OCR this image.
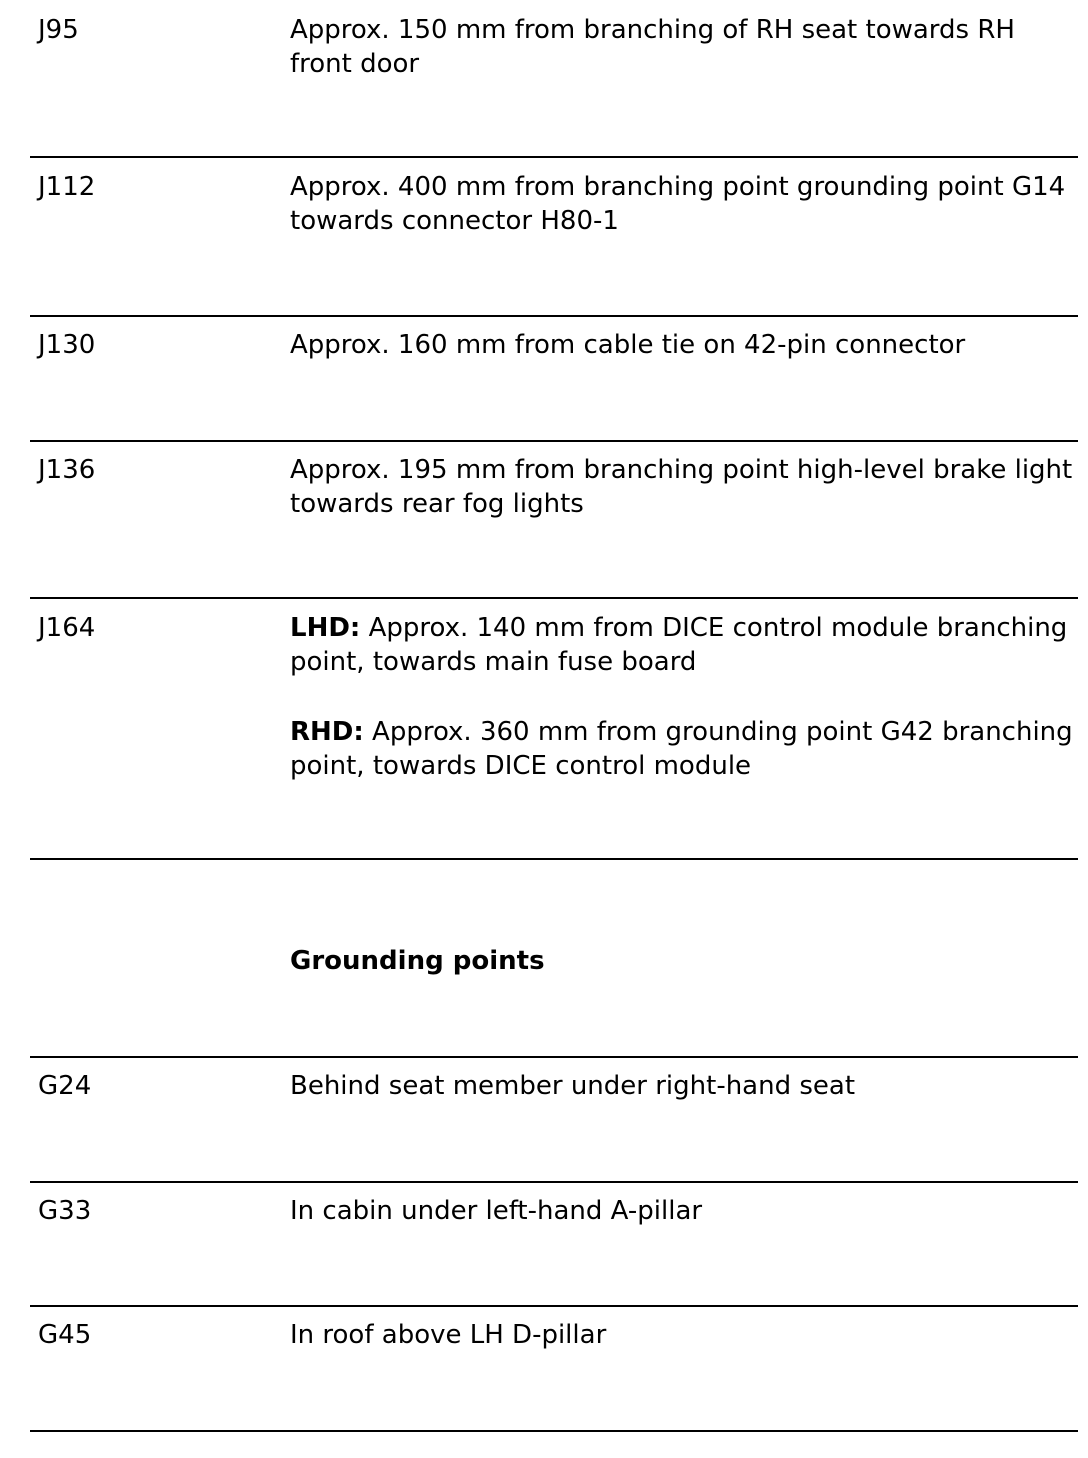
J95	Approx. 150 mm from branching of RH seat towards RH front door

J112	Approx. 400 mm from branching point grounding point G14 towards connector H80-1

J130	Approx. 160 mm from cable tie on 42-pin connector

J136	Approx. 195 mm from branching point high-level brake light towards rear fog lights

J164	LHD: Approx. 140 mm from DICE control module branching point, towards main fuse board

RHD: Approx. 360 mm from grounding point G42 branching point, towards DICE control module

Grounding points
G24	Behind seat member under right-hand seat

G33	In cabin under left-hand A-pillar

G45	In roof above LH D-pillar
